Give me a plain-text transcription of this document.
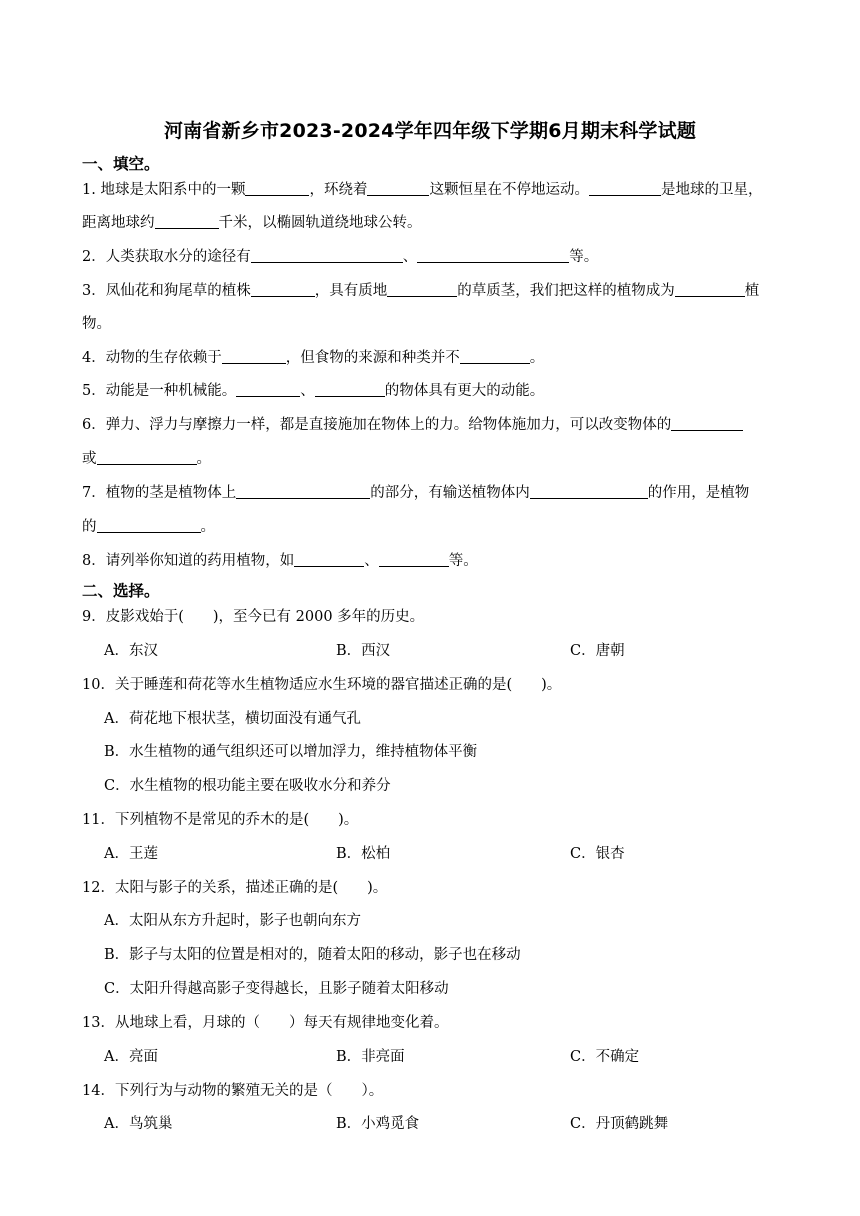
河南省新乡市2023-2024学年四年级下学期6月期末科学试题
一、填空。
1. 地球是太阳系中的一颗	，环绕着	这颗恒星在不停地运动。	是地球的卫星，
距离地球约	千米，以椭圆轨道绕地球公转。
2．人类获取水分的途径有	、	等。
3．凤仙花和狗尾草的植株	，具有质地	的草质茎，我们把这样的植物成为	植
物。
4．动物的生存依赖于	，但食物的来源和种类并不	。
5．动能是一种机械能。	、	的物体具有更大的动能。
6．弹力、浮力与摩擦力一样，都是直接施加在物体上的力。给物体施加力，可以改变物体的
或	。
7．植物的茎是植物体上	的部分，有输送植物体内	的作用，是植物
的	。
8．请列举你知道的药用植物，如	、	等。
二、选择。
9．皮影戏始于(　　)，至今已有 2000 多年的历史。
A．东汉	B．西汉	C．唐朝
10．关于睡莲和荷花等水生植物适应水生环境的器官描述正确的是(　　)。
A．荷花地下根状茎，横切面没有通气孔
B．水生植物的通气组织还可以增加浮力，维持植物体平衡
C．水生植物的根功能主要在吸收水分和养分
11．下列植物不是常见的乔木的是(　　)。
A．王莲	B．松柏	C．银杏
12．太阳与影子的关系，描述正确的是(　　)。
A．太阳从东方升起时，影子也朝向东方
B．影子与太阳的位置是相对的，随着太阳的移动，影子也在移动
C．太阳升得越高影子变得越长，且影子随着太阳移动
13．从地球上看，月球的（　　）每天有规律地变化着。
A．亮面	B．非亮面	C．不确定
14．下列行为与动物的繁殖无关的是（　　）。
A．鸟筑巢	B．小鸡觅食	C．丹顶鹤跳舞
